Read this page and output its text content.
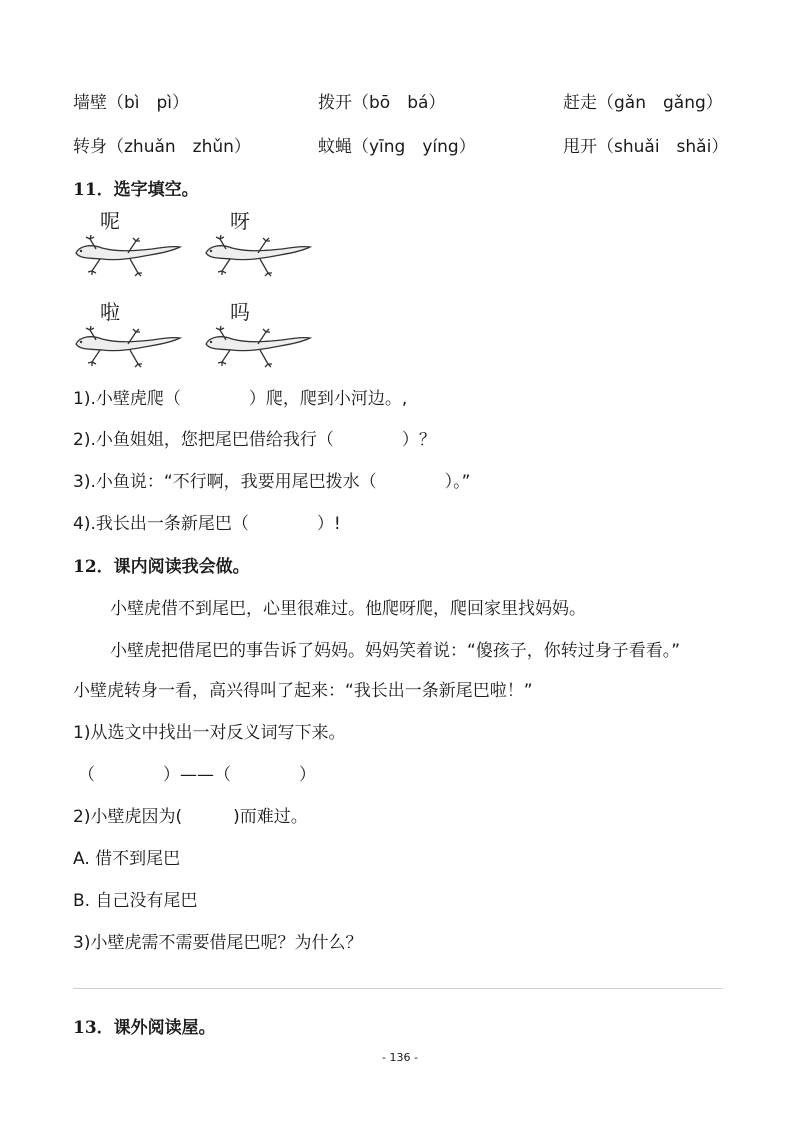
墙壁（bì　pì）	拨开（bō　bá）	赶走（gǎn　gǎng）
转身（zhuǎn　zhǔn）	蚊蝇（yīng　yíng）	甩开（shuǎi　shǎi）
11．选字填空。
呢	呀
啦	吗
1).小壁虎爬（　　　　）爬，爬到小河边。,
2).小鱼姐姐，您把尾巴借给我行（　　　　）？
3).小鱼说：“不行啊，我要用尾巴拨水（　　　　）。”
4).我长出一条新尾巴（　　　　）!
12．课内阅读我会做。
小壁虎借不到尾巴，心里很难过。他爬呀爬，爬回家里找妈妈。
小壁虎把借尾巴的事告诉了妈妈。妈妈笑着说：“傻孩子，你转过身子看看。”
小壁虎转身一看，高兴得叫了起来：“我长出一条新尾巴啦！”
1)从选文中找出一对反义词写下来。
（　　　　）——（　　　　）
2)小壁虎因为(　　　)而难过。
A. 借不到尾巴
B. 自己没有尾巴
3)小壁虎需不需要借尾巴呢？为什么？
13．课外阅读屋。
- 136 -
